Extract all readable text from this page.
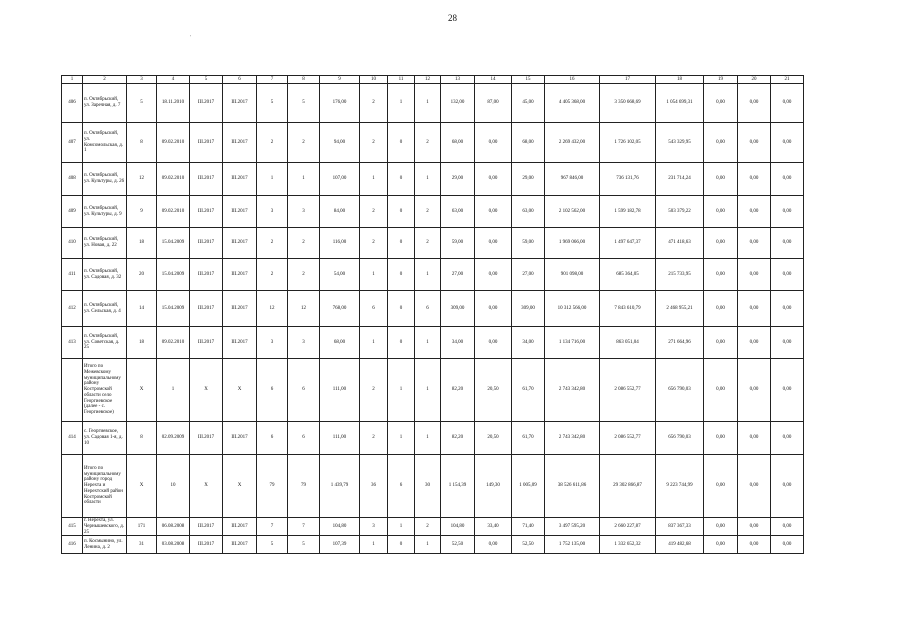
28
'
1	2	3	4	5	6	7	8	9	10	11	12	13	14	15	16	17	18	19	20	21
406	п. Октябрьский, ул. Заречная, д. 7	5	18.11.2010	III.2017	III.2017	5	5	176,00	2	1	1	132,00	87,00	45,00	4 405 368,00	3 350 668,69	1 054 699,31	0,00	0,00	0,00
407	п. Октябрьский, ул. Комсомольская, д. 1	8	09.02.2010	III.2017	III.2017	2	2	94,00	2	0	2	68,00	0,00	68,00	2 269 432,00	1 726 102,05	543 329,95	0,00	0,00	0,00
408	п. Октябрьский, ул. Культуры, д. 26	12	09.02.2010	III.2017	III.2017	1	1	107,00	1	0	1	29,00	0,00	29,00	967 846,00	736 131,76	231 714,24	0,00	0,00	0,00
409	п. Октябрьский, ул. Культуры, д. 9	9	09.02.2010	III.2017	III.2017	3	3	84,00	2	0	2	63,00	0,00	63,00	2 102 562,00	1 599 182,78	503 379,22	0,00	0,00	0,00
410	п. Октябрьский, ул. Новая, д. 22	18	15.04.2009	III.2017	III.2017	2	2	116,00	2	0	2	59,00	0,00	59,00	1 969 066,00	1 497 647,37	471 418,63	0,00	0,00	0,00
411	п. Октябрьский, ул. Садовая, д. 32	20	15.04.2009	III.2017	III.2017	2	2	54,00	1	0	1	27,00	0,00	27,00	901 098,00	685 364,05	215 733,95	0,00	0,00	0,00
412	п. Октябрьский, ул. Сельская, д. 4	14	15.04.2009	III.2017	III.2017	12	12	768,00	6	0	6	309,00	0,00	309,00	10 312 566,00	7 843 610,79	2 468 955,21	0,00	0,00	0,00
413	п. Октябрьский, ул. Советская, д. 25	18	09.02.2010	III.2017	III.2017	3	3	68,00	1	0	1	34,00	0,00	34,00	1 134 716,00	863 051,04	271 664,96	0,00	0,00	0,00
	Итого по Межевскому муниципальному району Костромской области село Георгиевское (далее - с. Георгиевское)	X	1	X	X	6	6	111,00	2	1	1	82,20	20,50	61,70	2 743 342,80	2 086 552,77	656 790,03	0,00	0,00	0,00
414	с. Георгиевское, ул. Садовая 1-я, д. 10	8	02.09.2009	III.2017	III.2017	6	6	111,00	2	1	1	82,20	20,50	61,70	2 743 342,80	2 086 552,77	656 790,03	0,00	0,00	0,00
	Итого по муниципальному району город Нерехта и Нерехтский район Костромской области	X	10	X	X	79	79	1 439,79	36	6	30	1 154,39	149,30	1 005,09	38 526 611,86	29 302 866,87	9 223 744,99	0,00	0,00	0,00
415	г. Нерехта, ул. Чернышевского, д. 25	171	06.08.2008	III.2017	III.2017	7	7	104,80	3	1	2	104,80	33,40	71,40	3 497 595,20	2 660 227,87	837 367,33	0,00	0,00	0,00
416	п. Космынино, ул. Ленина, д. 2	31	03.08.2008	III.2017	III.2017	5	5	107,39	1	0	1	52,50	0,00	52,50	1 752 135,00	1 332 652,32	419 482,68	0,00	0,00	0,00
